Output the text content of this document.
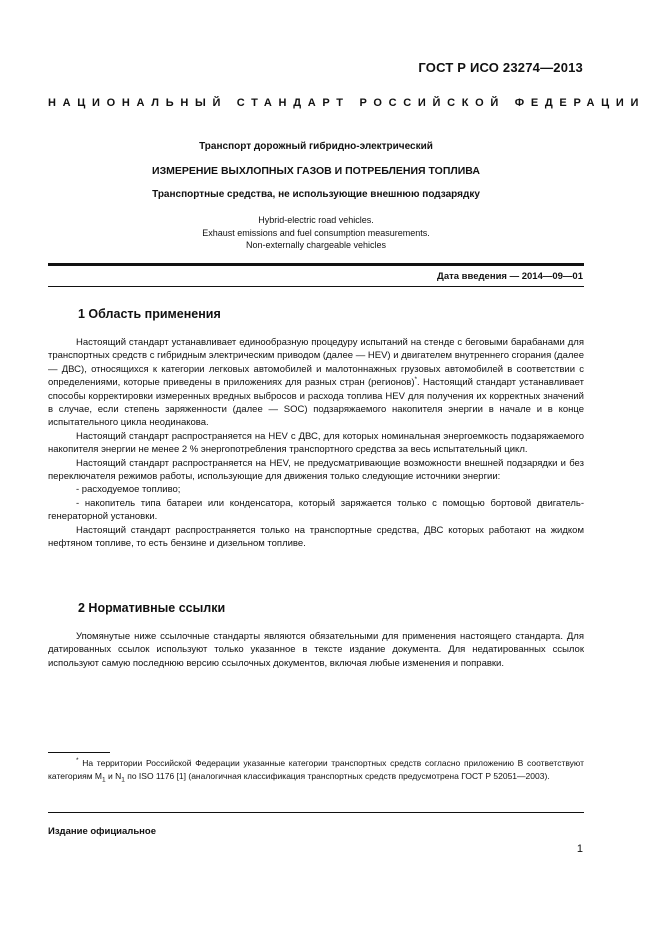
ГОСТ Р ИСО 23274—2013
НАЦИОНАЛЬНЫЙ СТАНДАРТ РОССИЙСКОЙ ФЕДЕРАЦИИ
Транспорт дорожный гибридно-электрический
ИЗМЕРЕНИЕ ВЫХЛОПНЫХ ГАЗОВ И ПОТРЕБЛЕНИЯ ТОПЛИВА
Транспортные средства, не использующие внешнюю подзарядку
Hybrid-electric road vehicles.
Exhaust emissions and fuel consumption measurements.
Non-externally chargeable vehicles
Дата введения — 2014—09—01
1 Область применения

Настоящий стандарт устанавливает единообразную процедуру испытаний на стенде с беговыми барабанами для транспортных средств с гибридным электрическим приводом (далее — HEV) и двигателем внутреннего сгорания (далее — ДВС), относящихся к категории легковых автомобилей и малотоннажных грузовых автомобилей в соответствии с определениями, которые приведены в приложениях для разных стран (регионов)*. Настоящий стандарт устанавливает способы корректировки измеренных вредных выбросов и расхода топлива HEV для получения их корректных значений в случае, если степень заряженности (далее — SOC) подзаряжаемого накопителя энергии в начале и в конце испытательного цикла неодинакова.

Настоящий стандарт распространяется на HEV с ДВС, для которых номинальная энергоемкость подзаряжаемого накопителя энергии не менее 2 % энергопотребления транспортного средства за весь испытательный цикл.

Настоящий стандарт распространяется на HEV, не предусматривающие возможности внешней подзарядки и без переключателя режимов работы, использующие для движения только следующие источники энергии:

- расходуемое топливо;

- накопитель типа батареи или конденсатора, который заряжается только с помощью бортовой двигатель-генераторной установки.

Настоящий стандарт распространяется только на транспортные средства, ДВС которых работают на жидком нефтяном топливе, то есть бензине и дизельном топливе.

2 Нормативные ссылки

Упомянутые ниже ссылочные стандарты являются обязательными для применения настоящего стандарта. Для датированных ссылок используют только указанное в тексте издание документа. Для недатированных ссылок используют самую последнюю версию ссылочных документов, включая любые изменения и поправки.

* На территории Российской Федерации указанные категории транспортных средств согласно приложению В соответствуют категориям $M_1$ и $N_1$ по ISO 1176 [1] (аналогичная классификация транспортных средств предусмотрена ГОСТ Р 52051—2003).

Издание официальное
1
